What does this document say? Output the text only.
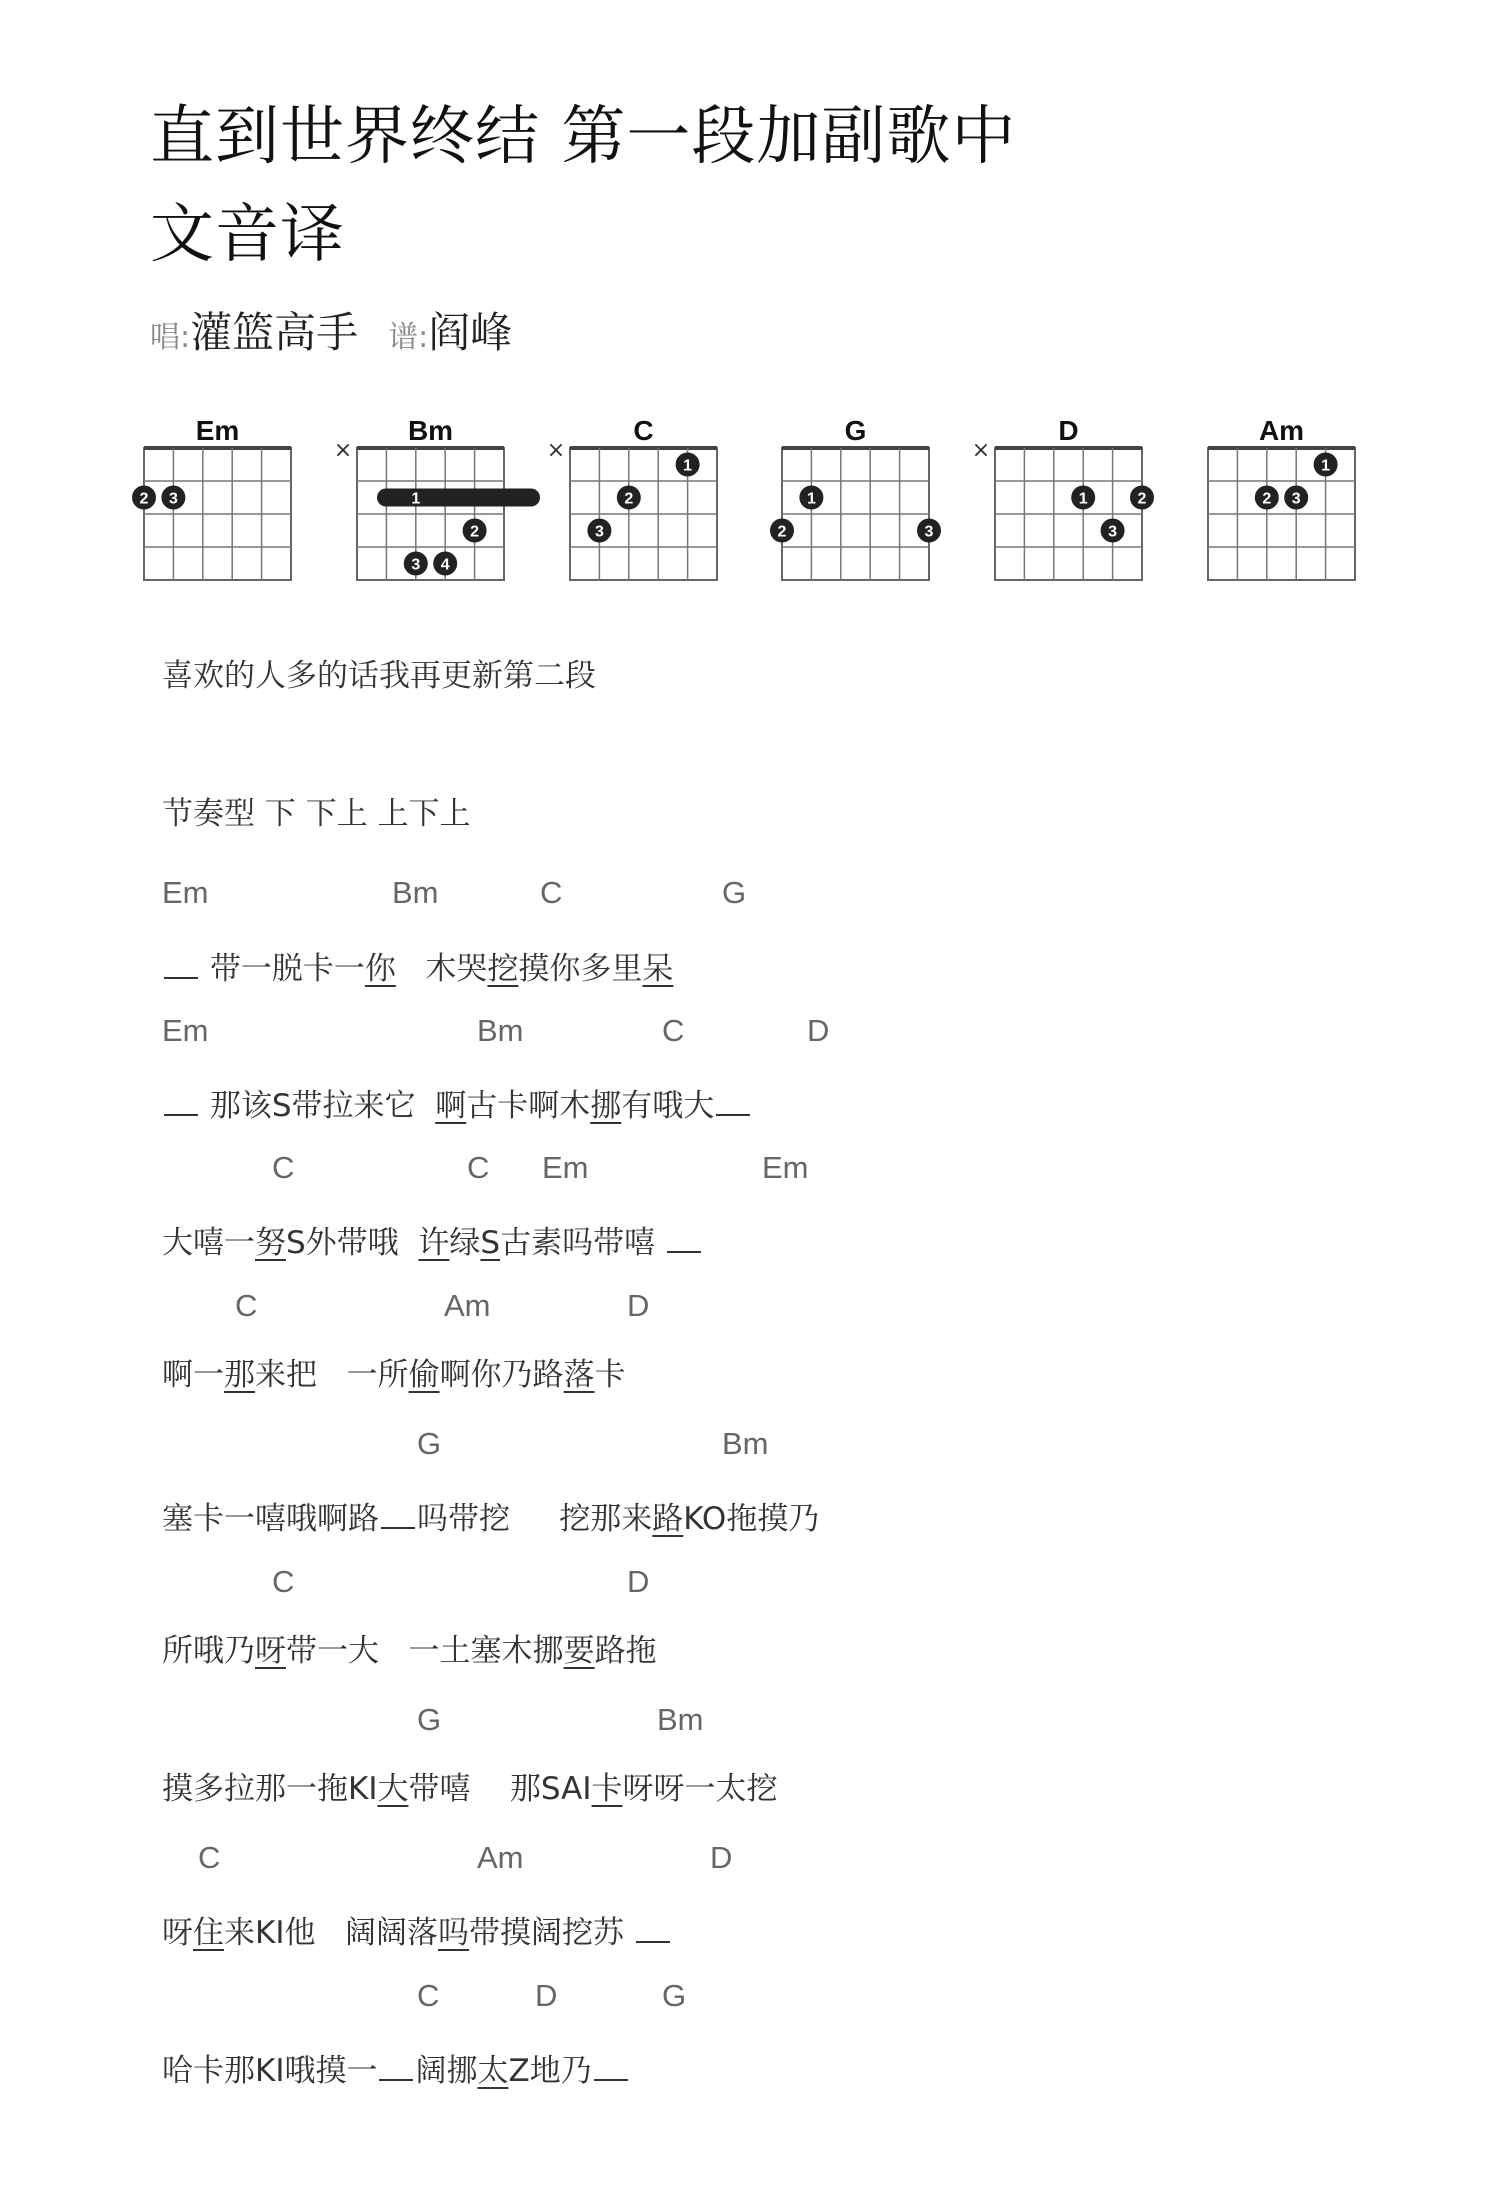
直到世界终结 第一段加副歌中文音译
唱: 灌篮高手 谱: 阎峰
Em
2 3
Bm
×
1
2
3 4
C
×
1
2
3
G
1
2	3
D
×
1	2
3
Am
1
2 3

喜欢的人多的话我再更新第二段

节奏型 下 下上 上下上

Em	Bm	C	G

带一脱卡一你   木哭挖摸你多里呆

Em	Bm	C	D

那该S带拉来它  啊古卡啊木挪有哦大

C	C Em	Em

大嘻一努S外带哦  许绿S古素吗带嘻

C	Am	D

啊一那来把   一所偷啊你乃路落卡

G	Bm

塞卡一嘻哦啊路 吗带挖     挖那来路KO拖摸乃

C	D

所哦乃呀带一大   一土塞木挪要路拖

G	Bm

摸多拉那一拖KI大带嘻    那SAI卡呀呀一太挖

C	Am	D

呀住来KI他   阔阔落吗带摸阔挖苏

C	D	G

哈卡那KI哦摸一 阔挪太Z地乃
